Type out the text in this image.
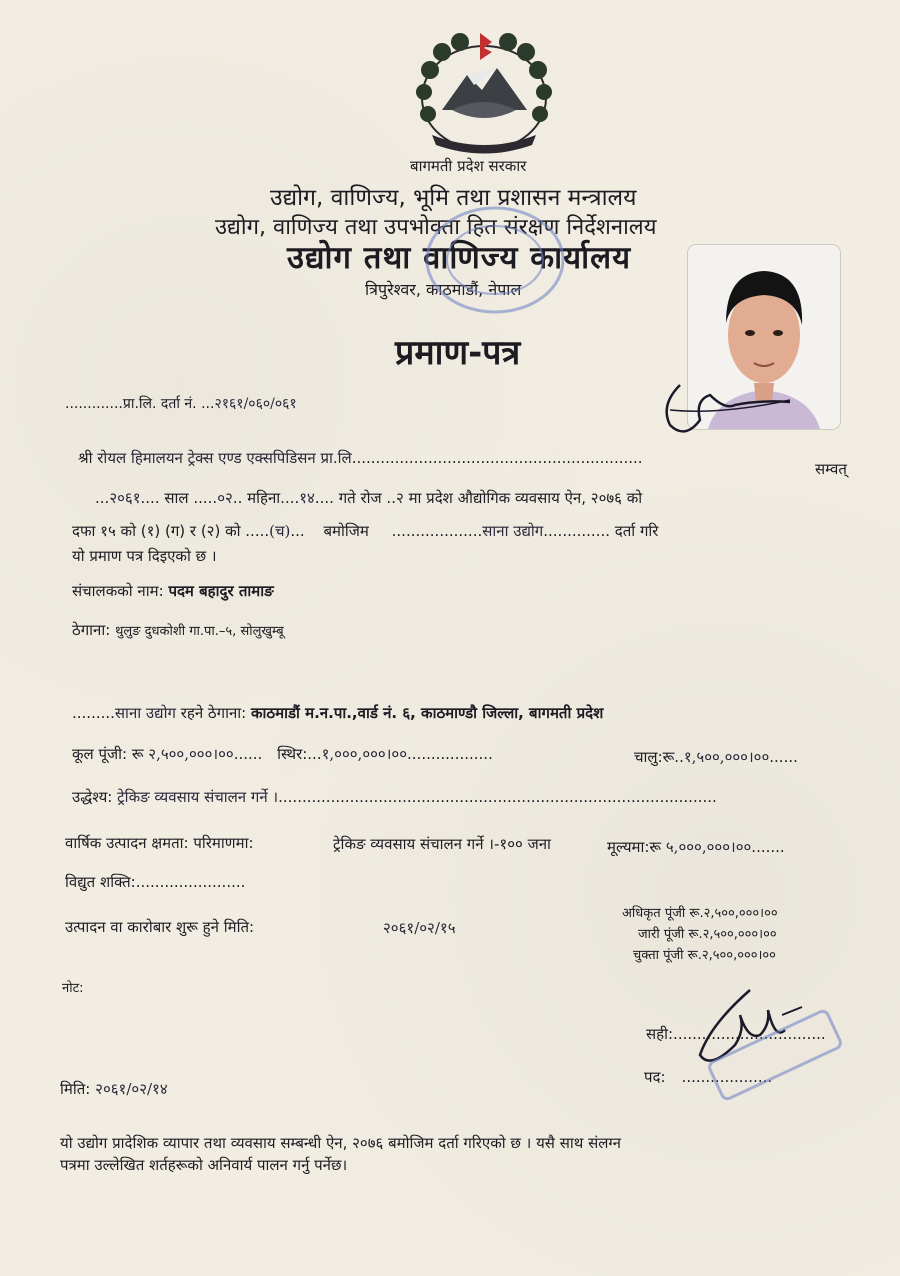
बागमती प्रदेश सरकार
उद्योग, वाणिज्य, भूमि तथा प्रशासन मन्त्रालय
उद्योग, वाणिज्य तथा उपभोक्ता हित संरक्षण निर्देशनालय
उद्योग तथा वाणिज्य कार्यालय
त्रिपुरेश्वर, काठमाडौं, नेपाल
प्रमाण-पत्र
.............प्रा.लि. दर्ता नं. ...२१६१/०६०/०६१
श्री रोयल हिमालयन ट्रेक्स एण्ड एक्सपिडिसन प्रा.लि.............................................................
सम्वत्
...२०६१.... साल .....०२.. महिना....१४.... गते रोज ..२ मा प्रदेश औद्योगिक व्यवसाय ऐन, २०७६ को
दफा १५ को (१) (ग) र (२) को .....(च)... बमोजिम ...................साना उद्योग.............. दर्ता गरि
यो प्रमाण पत्र दिइएको छ ।
संचालकको नाम: पदम बहादुर तामाङ
ठेगाना: थुलुङ दुधकोशी गा.पा.–५, सोलुखुम्बू
.........साना उद्योग रहने ठेगाना: काठमाडौं म.न.पा.,वार्ड नं. ६, काठमाण्डौ जिल्ला, बागमती प्रदेश
कूल पूंजी: रू २,५००,०००।००...... स्थिर:...१,०००,०००।००..................	चालु:रू..१,५००,०००।००......
उद्धेश्य: ट्रेकिङ व्यवसाय संचालन गर्ने ।............................................................................................
वार्षिक उत्पादन क्षमता: परिमाणमा:	ट्रेकिङ व्यवसाय संचालन गर्ने ।-१०० जना	मूल्यमा:रू ५,०००,०००।००.......
विद्युत शक्ति:.......................
उत्पादन वा कारोबार शुरू हुने मिति:	२०६१/०२/१५
अधिकृत पूंजी रू.२,५००,०००।००
जारी पूंजी रू.२,५००,०००।००
चुक्ता पूंजी रू.२,५००,०००।००
नोट:
सही:................................
पद: ...................
मिति: २०६१/०२/१४
यो उद्योग प्रादेशिक व्यापार तथा व्यवसाय सम्बन्धी ऐन, २०७६ बमोजिम दर्ता गरिएको छ । यसै साथ संलग्न
पत्रमा उल्लेखित शर्तहरूको अनिवार्य पालन गर्नु पर्नेछ।
